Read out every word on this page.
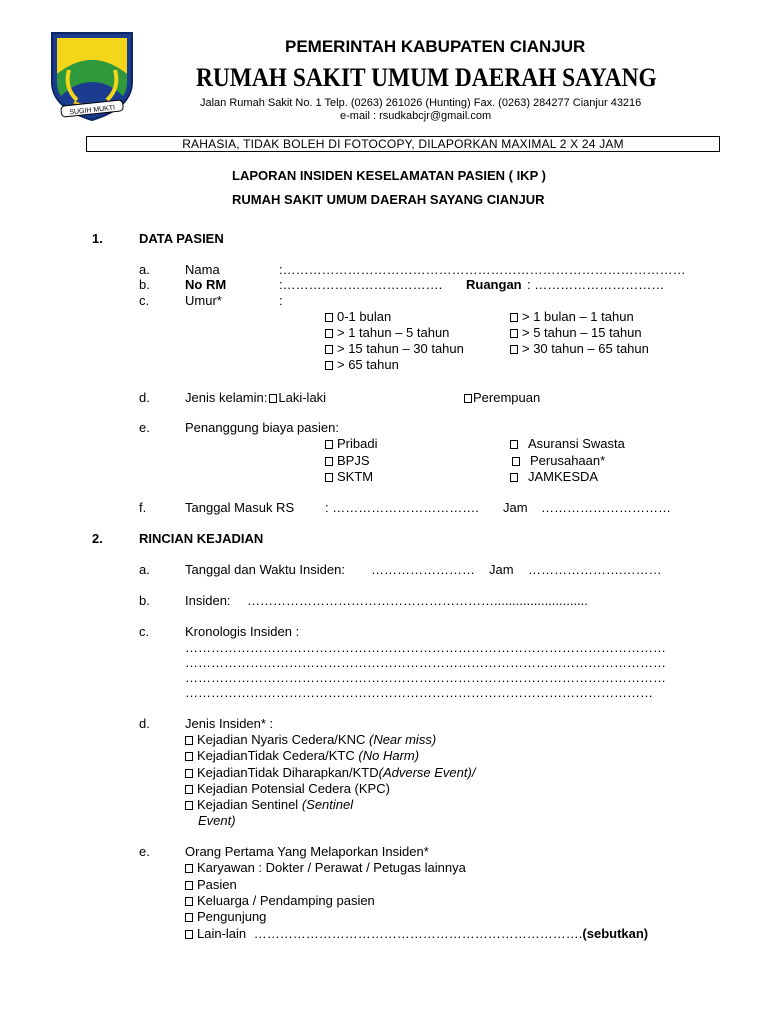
SUGIH MUKTI
PEMERINTAH KABUPATEN CIANJUR
RUMAH SAKIT UMUM DAERAH SAYANG
Jalan Rumah Sakit No. 1 Telp. (0263) 261026 (Hunting) Fax. (0263) 284277 Cianjur 43216
e-mail : rsudkabcjr@gmail.com
RAHASIA, TIDAK BOLEH DI FOTOCOPY, DILAPORKAN MAXIMAL 2 X 24 JAM
LAPORAN INSIDEN KESELAMATAN PASIEN ( IKP )
RUMAH SAKIT UMUM DAERAH SAYANG CIANJUR
1.	DATA PASIEN
a.	Nama	:…………………………………………………………………………………
b.	No RM	:………………………………. Ruangan : …………………………
c.	Umur*	:
0-1 bulan	> 1 bulan – 1 tahun
> 1 tahun – 5 tahun	> 5 tahun – 15 tahun
> 15 tahun – 30 tahun	> 30 tahun – 65 tahun
> 65 tahun
d.	Jenis kelamin: Laki-laki	Perempuan
e.	Penanggung biaya pasien:
Pribadi	Asuransi Swasta
BPJS	Perusahaan*
SKTM	JAMKESDA
f.	Tanggal Masuk RS : ……………………………. Jam …………………………
2.	RINCIAN KEJADIAN
a.	Tanggal dan Waktu Insiden: …………………… Jam ………………….………
b.	Insiden: …………………………………………………..........................
c.	Kronologis Insiden :
…………………………………………………………………………………………………
…………………………………………………………………………………………………
…………………………………………………………………………………………………
………………………………………………………………………………………………
d.	Jenis Insiden* :
Kejadian Nyaris Cedera/KNC (Near miss)
KejadianTidak Cedera/KTC (No Harm)
KejadianTidak Diharapkan/KTD(Adverse Event)/
Kejadian Potensial Cedera (KPC)
Kejadian Sentinel (Sentinel
Event)
e.	Orang Pertama Yang Melaporkan Insiden*
Karyawan : Dokter / Perawat / Petugas lainnya
Pasien
Keluarga / Pendamping pasien
Pengunjung
Lain-lain ………………………………………………………………….(sebutkan)
